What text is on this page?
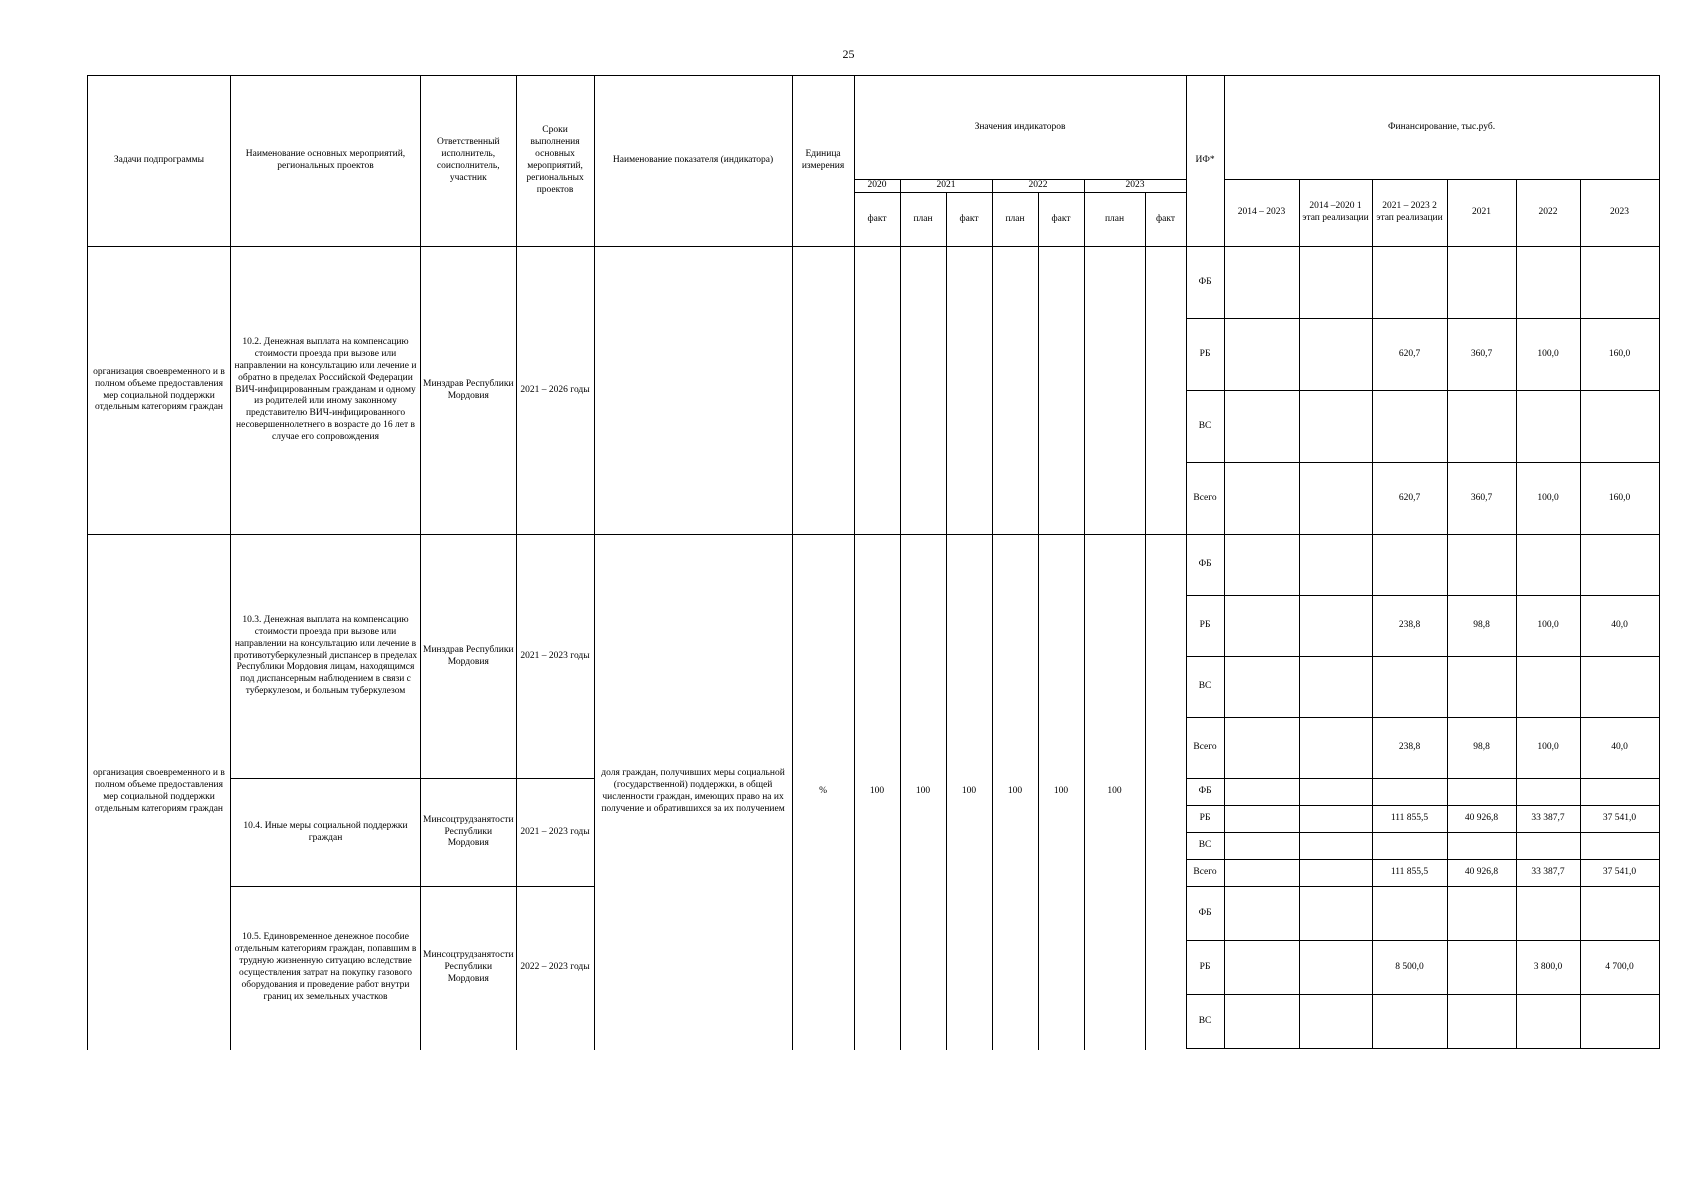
25
Задачи подпрограммы	Наименование основных мероприятий, региональных проектов	Ответственный исполнитель, соисполнитель, участник	Сроки выполнения основных мероприятий, региональных проектов	Наименование показателя (индикатора)	Единица измерения	Значения индикаторов							ИФ*	Финансирование, тыс.руб.					
						2020	2021		2022		2023			2014 – 2023	2014 –2020 1 этап реализации	2021 – 2023 2 этап реализации	2021	2022	2023
						факт	план	факт	план	факт	план	факт							
организация своевременного и в полном объеме предоставления мер социальной поддержки отдельным категориям граждан	10.2. Денежная выплата на компенсацию стоимости проезда при вызове или направлении на консультацию или лечение и обратно в пределах Российской Федерации ВИЧ-инфицированным гражданам и одному из родителей или иному законному представителю ВИЧ-инфицированного несовершеннолетнего в возрасте до 16 лет в случае его сопровождения	Минздрав Республики Мордовия	2021 – 2026 годы										ФБ						
													РБ			620,7	360,7	100,0	160,0
													ВС						
													Всего			620,7	360,7	100,0	160,0
организация своевременного и в полном объеме предоставления мер социальной поддержки отдельным категориям граждан	10.3. Денежная выплата на компенсацию стоимости проезда при вызове или направлении на консультацию или лечение в противотуберкулезный диспансер в пределах Республики Мордовия лицам, находящимся под диспансерным наблюдением в связи с туберкулезом, и больным туберкулезом	Минздрав Республики Мордовия	2021 – 2023 годы	доля граждан, получивших меры социальной (государственной) поддержки, в общей численности граждан, имеющих право на их получение и обратившихся за их получением	%	100	100	100	100	100	100		ФБ						
													РБ			238,8	98,8	100,0	40,0
													ВС						
													Всего			238,8	98,8	100,0	40,0
	10.4. Иные меры социальной поддержки граждан	Минсоцтрудзанятости Республики Мордовия	2021 – 2023 годы										ФБ						
													РБ			111 855,5	40 926,8	33 387,7	37 541,0
													ВС						
													Всего			111 855,5	40 926,8	33 387,7	37 541,0
	10.5. Единовременное денежное пособие отдельным категориям граждан, попавшим в трудную жизненную ситуацию вследствие осуществления затрат на покупку газового оборудования и проведение работ внутри границ их земельных участков	Минсоцтрудзанятости Республики Мордовия	2022 – 2023 годы										ФБ						
													РБ			8 500,0		3 800,0	4 700,0
													ВС						
